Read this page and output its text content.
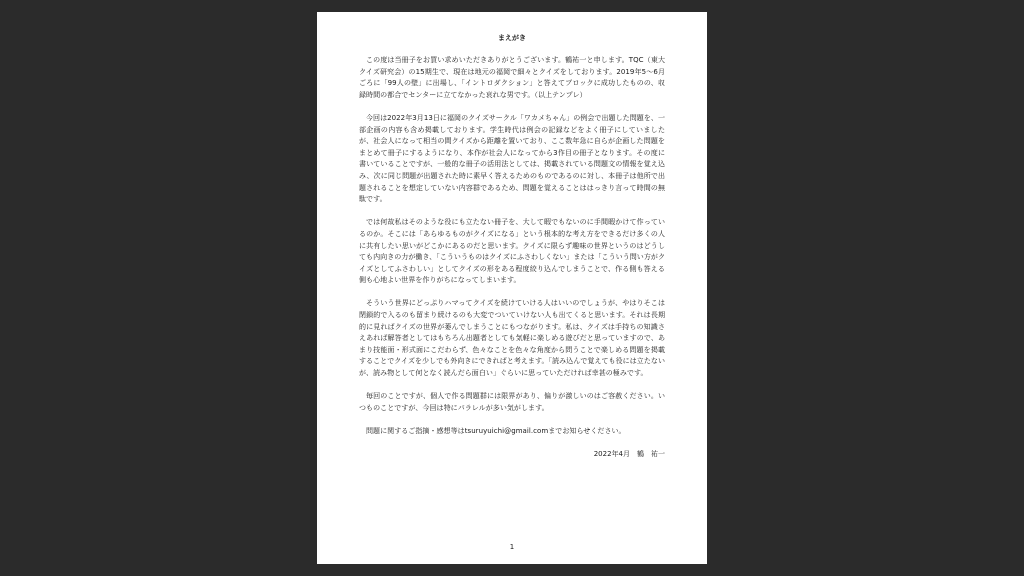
まえがき

この度は当冊子をお買い求めいただきありがとうございます。鶴祐一と申します。TQC（東大クイズ研究会）の15期生で、現在は地元の福岡で細々とクイズをしております。2019年5〜6月ごろに「99人の壁」に出場し、「イントロダクション」と答えてブロックに成功したものの、収録時間の都合でセンターに立てなかった哀れな男です。（以上テンプレ）

今回は2022年3月13日に福岡のクイズサークル「ワカメちゃん」の例会で出題した問題を、一部企画の内容も含め掲載しております。学生時代は例会の記録などをよく冊子にしていましたが、社会人になって相当の間クイズから距離を置いており、ここ数年急に自らが企画した問題をまとめて冊子にするようになり、本作が社会人になってから3作目の冊子となります。その度に書いていることですが、一般的な冊子の活用法としては、掲載されている問題文の情報を覚え込み、次に同じ問題が出題された時に素早く答えるためのものであるのに対し、本冊子は他所で出題されることを想定していない内容群であるため、問題を覚えることははっきり言って時間の無駄です。

では何故私はそのような役にも立たない冊子を、大して暇でもないのに手間暇かけて作っているのか。そこには「あらゆるものがクイズになる」という根本的な考え方をできるだけ多くの人に共有したい思いがどこかにあるのだと思います。クイズに限らず趣味の世界というのはどうしても内向きの力が働き、「こういうものはクイズにふさわしくない」または「こういう問い方がクイズとしてふさわしい」としてクイズの形をある程度絞り込んでしまうことで、作る側も答える側も心地よい世界を作りがちになってしまいます。

そういう世界にどっぷりハマってクイズを続けていける人はいいのでしょうが、やはりそこは閉鎖的で入るのも留まり続けるのも大変でついていけない人も出てくると思います。それは長期的に見ればクイズの世界が萎んでしまうことにもつながります。私は、クイズは手持ちの知識さえあれば解答者としてはもちろん出題者としても気軽に楽しめる遊びだと思っていますので、あまり技能面・形式面にこだわらず、色々なことを色々な角度から問うことで楽しめる問題を掲載することでクイズを少しでも外向きにできればと考えます。「読み込んで覚えても役には立たないが、読み物として何となく読んだら面白い」ぐらいに思っていただければ幸甚の極みです。

毎回のことですが、個人で作る問題群には限界があり、偏りが激しいのはご容赦ください。いつものことですが、今回は特にパラレルが多い気がします。

問題に関するご指摘・感想等はtsuruyuichi@gmail.comまでお知らせください。

2022年4月　鶴　祐一

1
